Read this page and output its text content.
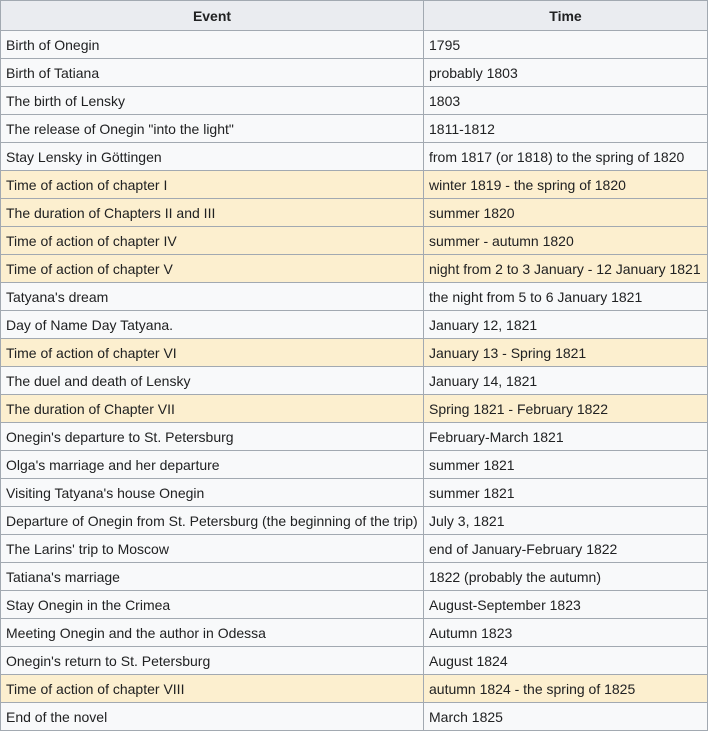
Event	Time
Birth of Onegin	1795
Birth of Tatiana	probably 1803
The birth of Lensky	1803
The release of Onegin "into the light"	1811-1812
Stay Lensky in Göttingen	from 1817 (or 1818) to the spring of 1820
Time of action of chapter I	winter 1819 - the spring of 1820
The duration of Chapters II and III	summer 1820
Time of action of chapter IV	summer - autumn 1820
Time of action of chapter V	night from 2 to 3 January - 12 January 1821
Tatyana's dream	the night from 5 to 6 January 1821
Day of Name Day Tatyana.	January 12, 1821
Time of action of chapter VI	January 13 - Spring 1821
The duel and death of Lensky	January 14, 1821
The duration of Chapter VII	Spring 1821 - February 1822
Onegin's departure to St. Petersburg	February-March 1821
Olga's marriage and her departure	summer 1821
Visiting Tatyana's house Onegin	summer 1821
Departure of Onegin from St. Petersburg (the beginning of the trip)	July 3, 1821
The Larins' trip to Moscow	end of January-February 1822
Tatiana's marriage	1822 (probably the autumn)
Stay Onegin in the Crimea	August-September 1823
Meeting Onegin and the author in Odessa	Autumn 1823
Onegin's return to St. Petersburg	August 1824
Time of action of chapter VIII	autumn 1824 - the spring of 1825
End of the novel	March 1825
